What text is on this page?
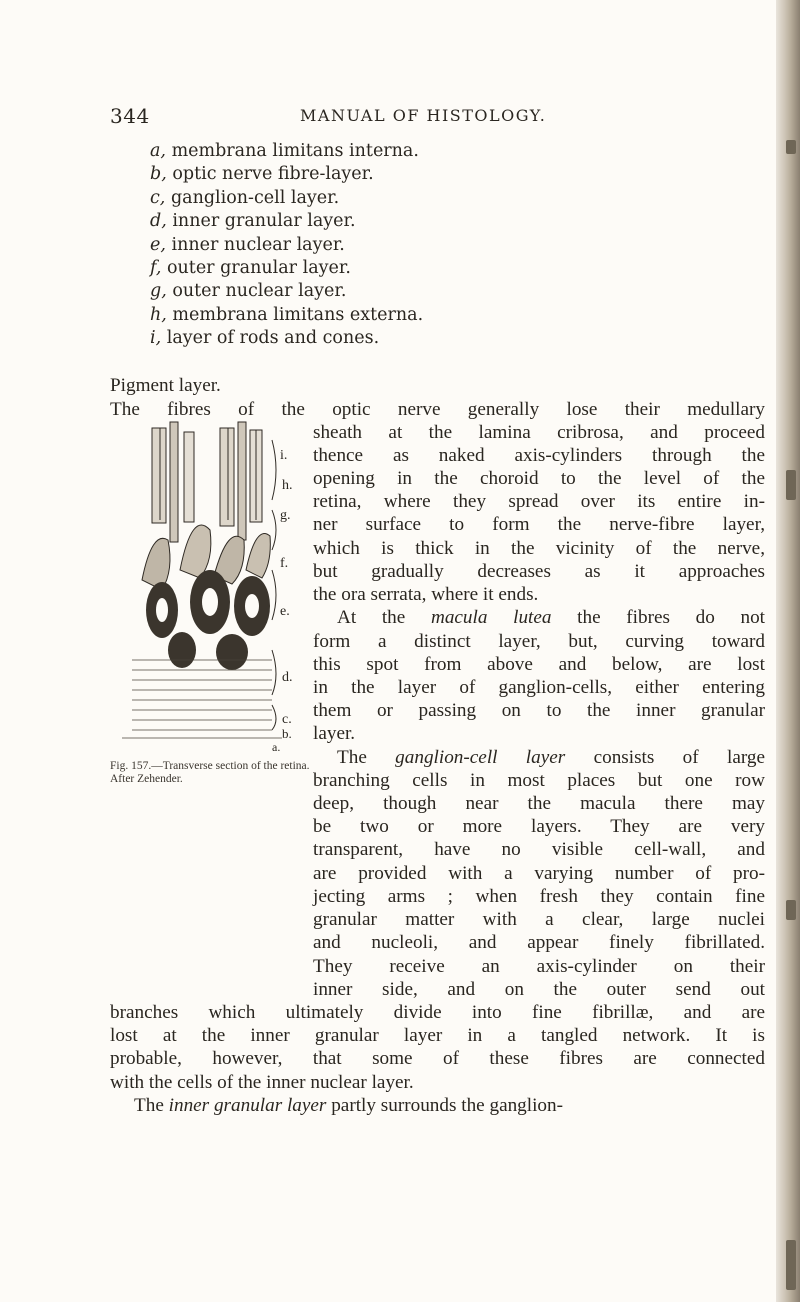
344	MANUAL OF HISTOLOGY.
a, membrana limitans interna.
b, optic nerve fibre-layer.
c, ganglion-cell layer.
d, inner granular layer.
e, inner nuclear layer.
f, outer granular layer.
g, outer nuclear layer.
h, membrana limitans externa.
i, layer of rods and cones.
Pigment layer.
The fibres of the optic nerve generally lose their medullary
sheath at the lamina cribrosa, and proceed
thence as naked axis-cylinders through the
opening in the choroid to the level of the
retina, where they spread over its entire in-
ner surface to form the nerve-fibre layer,
which is thick in the vicinity of the nerve,
but gradually decreases as it approaches
the ora serrata, where it ends.
At the macula lutea the fibres do not
form a distinct layer, but, curving toward
this spot from above and below, are lost
in the layer of ganglion-cells, either entering
them or passing on to the inner granular
layer.
The ganglion-cell layer consists of large
branching cells in most places but one row
deep, though near the macula there may
be two or more layers. They are very
transparent, have no visible cell-wall, and
are provided with a varying number of pro-
jecting arms ; when fresh they contain fine
granular matter with a clear, large nuclei
and nucleoli, and appear finely fibrillated.
They receive an axis-cylinder on their
inner side, and on the outer send out
branches which ultimately divide into fine fibrillæ, and are
lost at the inner granular layer in a tangled network. It is
probable, however, that some of these fibres are connected
with the cells of the inner nuclear layer.
The inner granular layer partly surrounds the ganglion-
i.
h.
g.
f.
e.
d.
c.
b.
a.
Fig. 157.—Transverse section of the retina. After Zehender.
